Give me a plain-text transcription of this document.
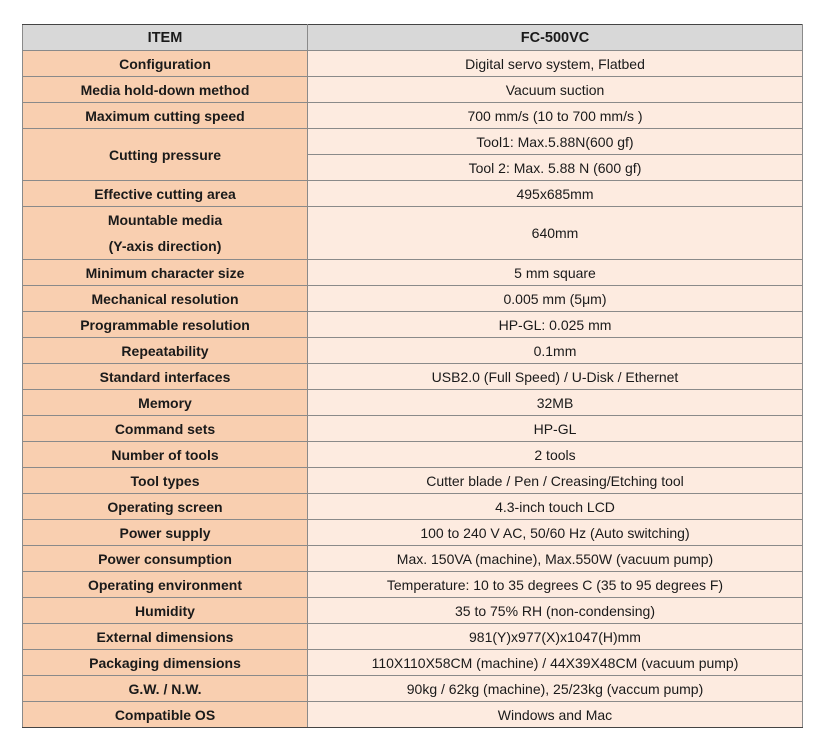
ITEM	FC-500VC
Configuration	Digital servo system, Flatbed
Media hold-down method	Vacuum suction
Maximum cutting speed	700 mm/s (10 to 700 mm/s )
Cutting pressure	Tool1: Max.5.88N(600 gf)
	Tool 2: Max. 5.88 N (600 gf)
Effective cutting area	495x685mm
Mountable media
(Y-axis direction)	640mm
Minimum character size	5 mm square
Mechanical resolution	0.005 mm (5μm)
Programmable resolution	HP-GL: 0.025 mm
Repeatability	0.1mm
Standard interfaces	USB2.0 (Full Speed) / U-Disk / Ethernet
Memory	32MB
Command sets	HP-GL
Number of tools	2 tools
Tool types	Cutter blade / Pen / Creasing/Etching tool
Operating screen	4.3-inch touch LCD
Power supply	100 to 240 V AC, 50/60 Hz (Auto switching)
Power consumption	Max. 150VA (machine), Max.550W (vacuum pump)
Operating environment	Temperature: 10 to 35 degrees C (35 to 95 degrees F)
Humidity	35 to 75% RH (non-condensing)
External dimensions	981(Y)x977(X)x1047(H)mm
Packaging dimensions	110X110X58CM (machine) / 44X39X48CM (vacuum pump)
G.W. / N.W.	90kg / 62kg (machine), 25/23kg (vaccum pump)
Compatible OS	Windows and Mac
